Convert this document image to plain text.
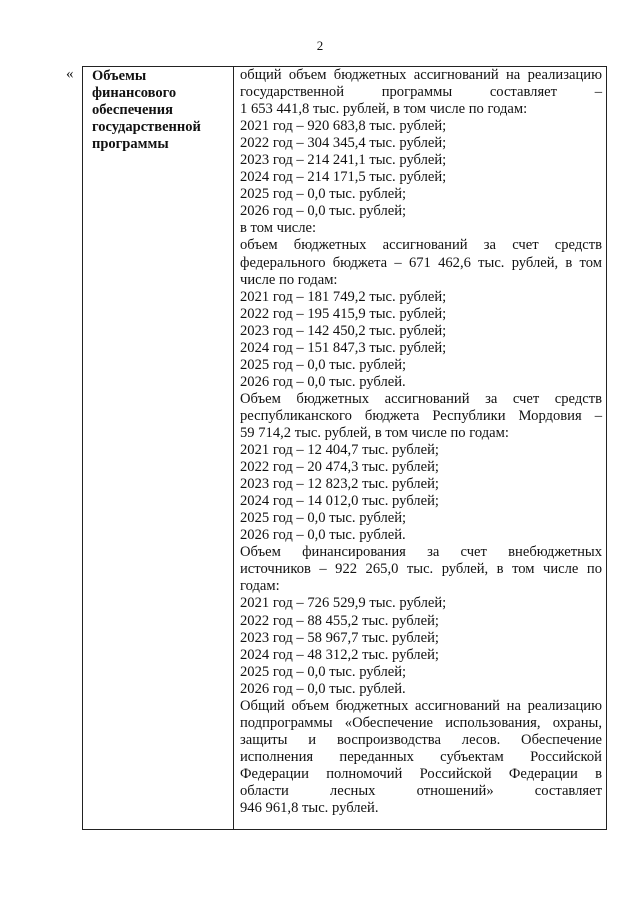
2
« Объемы
финансового
обеспечения
государственной
программы
общий объем бюджетных ассигнований на реализацию
государственной программы составляет –
1 653 441,8 тыс. рублей, в том числе по годам:
2021 год – 920 683,8 тыс. рублей;
2022 год – 304 345,4 тыс. рублей;
2023 год – 214 241,1 тыс. рублей;
2024 год – 214 171,5 тыс. рублей;
2025 год – 0,0 тыс. рублей;
2026 год – 0,0 тыс. рублей;
в том числе:
объем бюджетных ассигнований за счет средств
федерального бюджета – 671 462,6 тыс. рублей, в том
числе по годам:
2021 год – 181 749,2 тыс. рублей;
2022 год – 195 415,9 тыс. рублей;
2023 год – 142 450,2 тыс. рублей;
2024 год – 151 847,3 тыс. рублей;
2025 год – 0,0 тыс. рублей;
2026 год – 0,0 тыс. рублей.
Объем бюджетных ассигнований за счет средств
республиканского бюджета Республики Мордовия –
59 714,2 тыс. рублей, в том числе по годам:
2021 год – 12 404,7 тыс. рублей;
2022 год – 20 474,3 тыс. рублей;
2023 год – 12 823,2 тыс. рублей;
2024 год – 14 012,0 тыс. рублей;
2025 год – 0,0 тыс. рублей;
2026 год – 0,0 тыс. рублей.
Объем финансирования за счет внебюджетных
источников – 922 265,0 тыс. рублей, в том числе по
годам:
2021 год – 726 529,9 тыс. рублей;
2022 год – 88 455,2 тыс. рублей;
2023 год – 58 967,7 тыс. рублей;
2024 год – 48 312,2 тыс. рублей;
2025 год – 0,0 тыс. рублей;
2026 год – 0,0 тыс. рублей.
Общий объем бюджетных ассигнований на реализацию
подпрограммы «Обеспечение использования, охраны,
защиты и воспроизводства лесов. Обеспечение
исполнения переданных субъектам Российской
Федерации полномочий Российской Федерации в
области лесных отношений» составляет
946 961,8 тыс. рублей.
